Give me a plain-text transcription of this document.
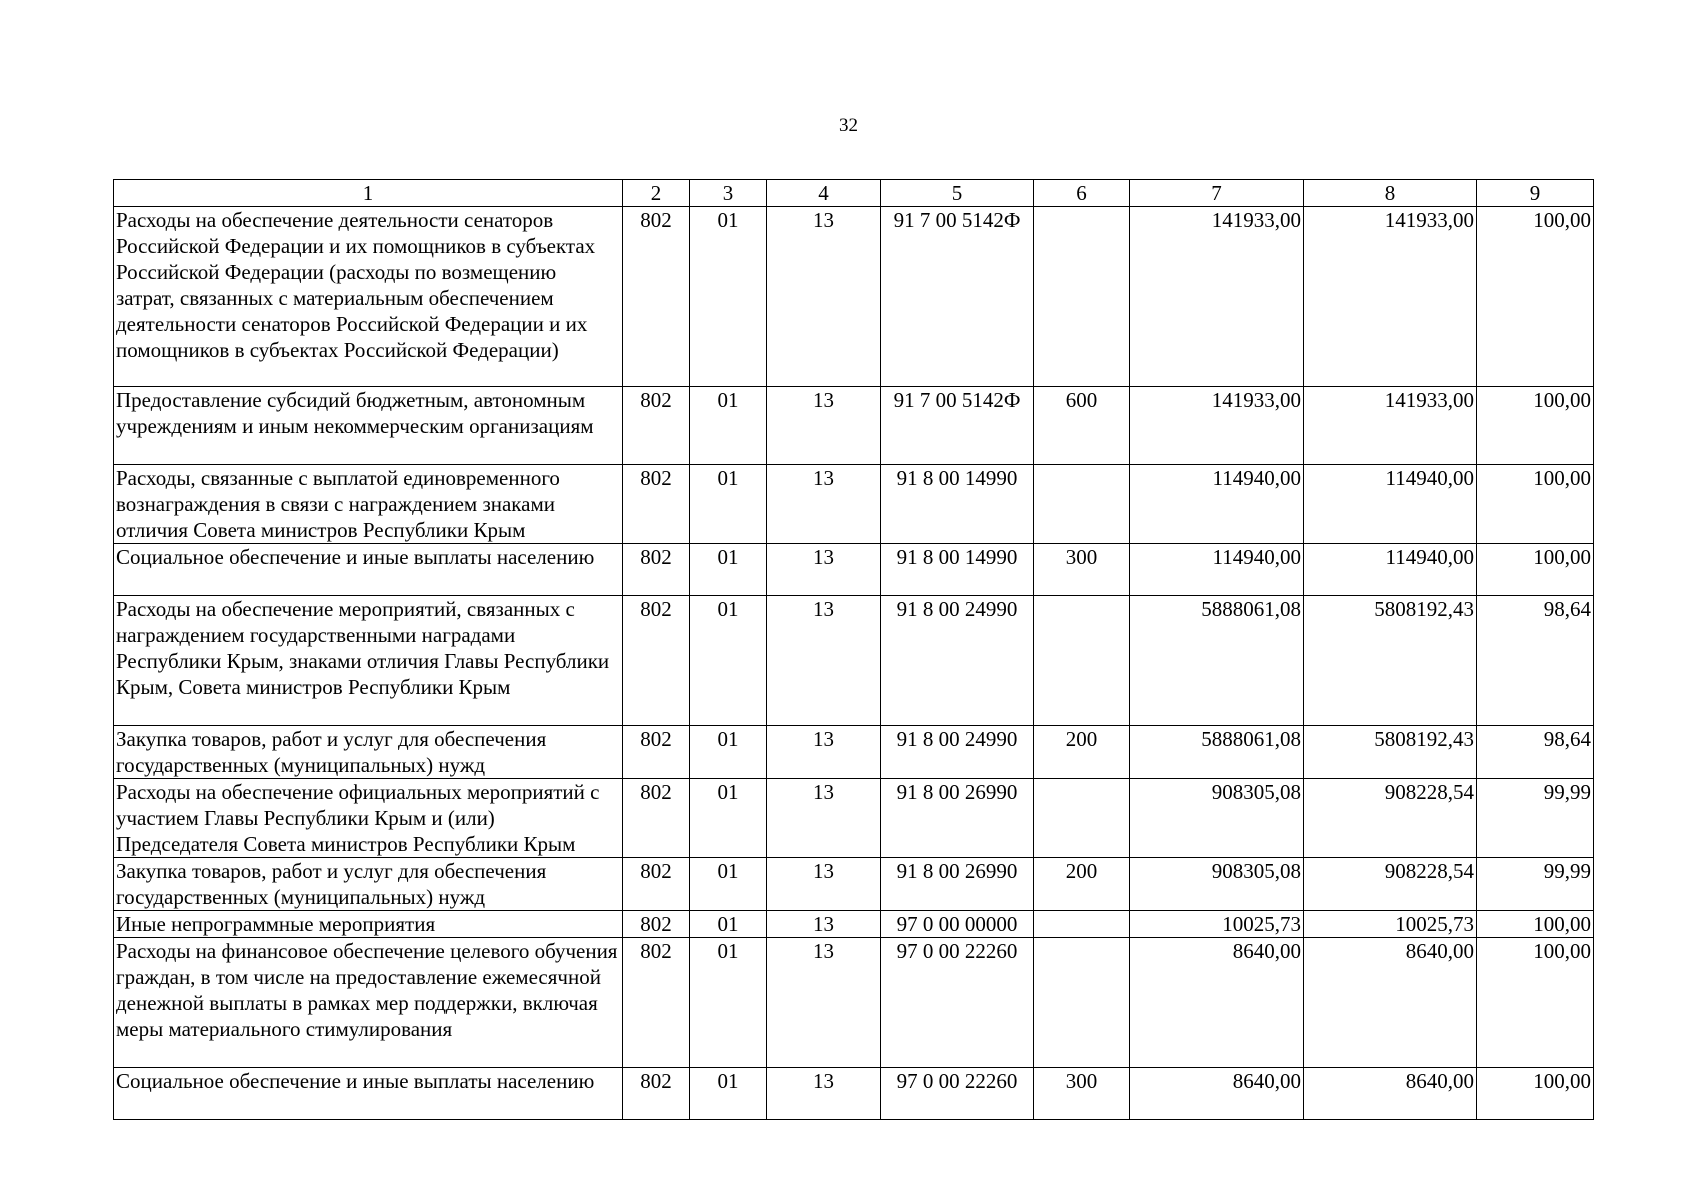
32
1	2	3	4	5	6	7	8	9
Расходы на обеспечение деятельности сенаторов Российской Федерации и их помощников в субъектах Российской Федерации (расходы по возмещению затрат, связанных с материальным обеспечением деятельности сенаторов Российской Федерации и их помощников в субъектах Российской Федерации)	802	01	13	91 7 00 5142Ф		141933,00	141933,00	100,00
Предоставление субсидий бюджетным, автономным учреждениям и иным некоммерческим организациям	802	01	13	91 7 00 5142Ф	600	141933,00	141933,00	100,00
Расходы, связанные с выплатой единовременного вознаграждения в связи с награждением знаками отличия Совета министров Республики Крым	802	01	13	91 8 00 14990		114940,00	114940,00	100,00
Социальное обеспечение и иные выплаты населению	802	01	13	91 8 00 14990	300	114940,00	114940,00	100,00
Расходы на обеспечение мероприятий, связанных с награждением государственными наградами Республики Крым, знаками отличия Главы Республики Крым, Совета министров Республики Крым	802	01	13	91 8 00 24990		5888061,08	5808192,43	98,64
Закупка товаров, работ и услуг для обеспечения государственных (муниципальных) нужд	802	01	13	91 8 00 24990	200	5888061,08	5808192,43	98,64
Расходы на обеспечение официальных мероприятий с участием Главы Республики Крым и (или) Председателя Совета министров Республики Крым	802	01	13	91 8 00 26990		908305,08	908228,54	99,99
Закупка товаров, работ и услуг для обеспечения государственных (муниципальных) нужд	802	01	13	91 8 00 26990	200	908305,08	908228,54	99,99
Иные непрограммные мероприятия	802	01	13	97 0 00 00000		10025,73	10025,73	100,00
Расходы на финансовое обеспечение целевого обучения граждан, в том числе на предоставление ежемесячной денежной выплаты в рамках мер поддержки, включая меры материального стимулирования	802	01	13	97 0 00 22260		8640,00	8640,00	100,00
Социальное обеспечение и иные выплаты населению	802	01	13	97 0 00 22260	300	8640,00	8640,00	100,00
